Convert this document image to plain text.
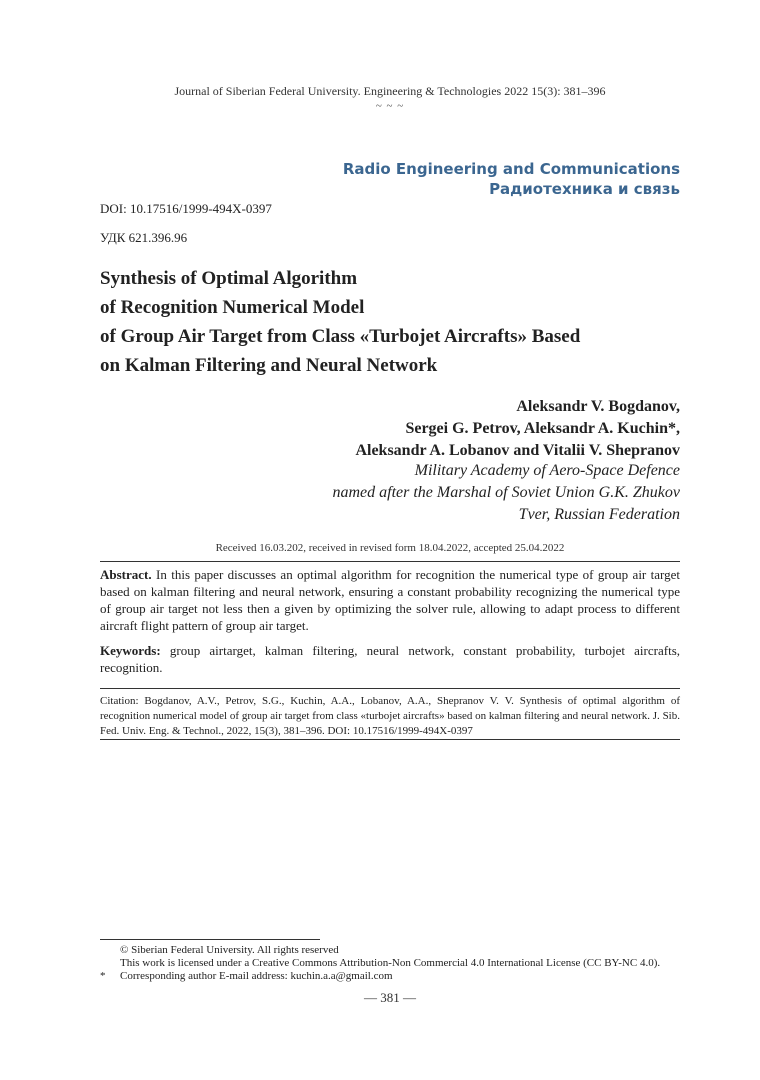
Journal of Siberian Federal University. Engineering & Technologies 2022 15(3): 381–396
~ ~ ~
Radio Engineering and Communications
Радиотехника и связь
DOI: 10.17516/1999-494X-0397
УДК 621.396.96
Synthesis of Optimal Algorithm
of Recognition Numerical Model
of Group Air Target from Class «Turbojet Aircrafts» Based
on Kalman Filtering and Neural Network
Aleksandr V. Bogdanov,
Sergei G. Petrov, Aleksandr A. Kuchin*,
Aleksandr A. Lobanov and Vitalii V. Shepranov
Military Academy of Aero-Space Defence
named after the Marshal of Soviet Union G.K. Zhukov
Tver, Russian Federation
Received 16.03.202, received in revised form 18.04.2022, accepted 25.04.2022
Abstract. In this paper discusses an optimal algorithm for recognition the numerical type of group air target based on kalman filtering and neural network, ensuring a constant probability recognizing the numerical type of group air target not less then a given by optimizing the solver rule, allowing to adapt process to different aircraft flight pattern of group air target.
Keywords: group airtarget, kalman filtering, neural network, constant probability, turbojet aircrafts, recognition.
Citation: Bogdanov, A.V., Petrov, S.G., Kuchin, A.A., Lobanov, A.A., Shepranov V. V. Synthesis of optimal algorithm of recognition numerical model of group air target from class «turbojet aircrafts» based on kalman filtering and neural network. J. Sib. Fed. Univ. Eng. & Technol., 2022, 15(3), 381–396. DOI: 10.17516/1999-494X-0397
© Siberian Federal University. All rights reserved
This work is licensed under a Creative Commons Attribution-Non Commercial 4.0 International License (CC BY-NC 4.0).
* Corresponding author E-mail address: kuchin.a.a@gmail.com
— 381 —
